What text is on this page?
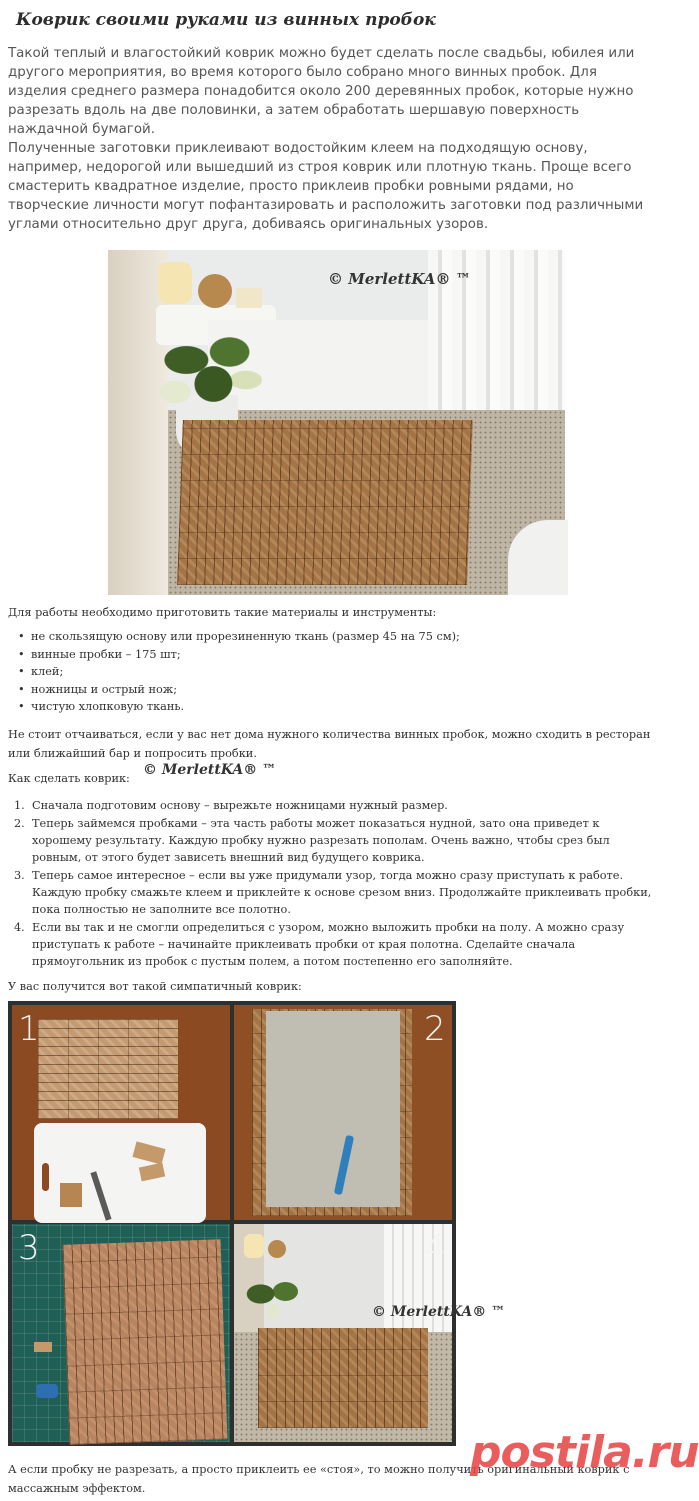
Коврик своими руками из винных пробок

Такой теплый и влагостойкий коврик можно будет сделать после свадьбы, юбилея или другого мероприятия, во время которого было собрано много винных пробок. Для изделия среднего размера понадобится около 200 деревянных пробок, которые нужно разрезать вдоль на две половинки, а затем обработать шершавую поверхность наждачной бумагой.

Полученные заготовки приклеивают водостойким клеем на подходящую основу, например, недорогой или вышедший из строя коврик или плотную ткань. Проще всего смастерить квадратное изделие, просто приклеив пробки ровными рядами, но творческие личности могут пофантазировать и расположить заготовки под различными углами относительно друг друга, добиваясь оригинальных узоров.

© MerlettKA® ™
Для работы необходимо приготовить такие материалы и инструменты:
• не скользящую основу или прорезиненную ткань (размер 45 на 75 см);
• винные пробки – 175 шт;
• клей;
• ножницы и острый нож;
• чистую хлопковую ткань.
Не стоит отчаиваться, если у вас нет дома нужного количества винных пробок, можно сходить в ресторан или ближайший бар и попросить пробки.
Как сделать коврик:
© MerlettKA® ™
1. Сначала подготовим основу – вырежьте ножницами нужный размер.
2. Теперь займемся пробками – эта часть работы может показаться нудной, зато она приведет к хорошему результату. Каждую пробку нужно разрезать пополам. Очень важно, чтобы срез был ровным, от этого будет зависеть внешний вид будущего коврика.
3. Теперь самое интересное – если вы уже придумали узор, тогда можно сразу приступать к работе. Каждую пробку смажьте клеем и приклейте к основе срезом вниз. Продолжайте приклеивать пробки, пока полностью не заполните все полотно.
4. Если вы так и не смогли определиться с узором, можно выложить пробки на полу. А можно сразу приступать к работе – начинайте приклеивать пробки от края полотна. Сделайте сначала прямоугольник из пробок с пустым полем, а потом постепенно его заполняйте.
У вас получится вот такой симпатичный коврик:
1	2
3	4
© MerlettKA® ™
А если пробку не разрезать, а просто приклеить ее «стоя», то можно получить оригинальный коврик с массажным эффектом.
postila.ru
